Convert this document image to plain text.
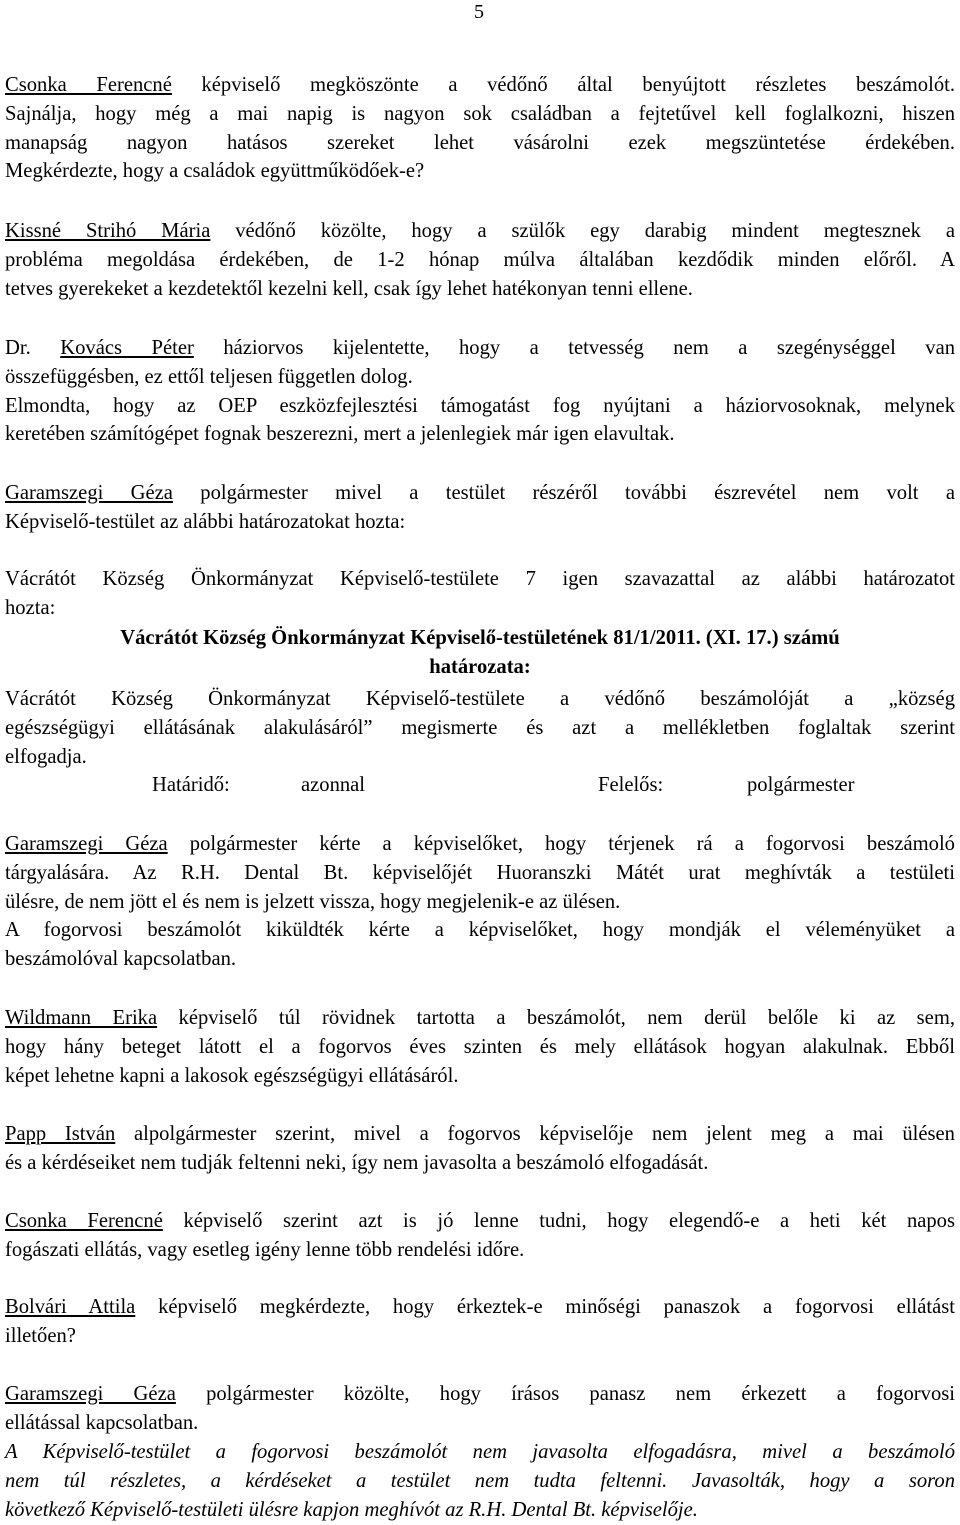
5
Csonka Ferencné képviselő megköszönte a védőnő által benyújtott részletes beszámolót.
Sajnálja, hogy még a mai napig is nagyon sok családban a fejtetűvel kell foglalkozni, hiszen
manapság nagyon hatásos szereket lehet vásárolni ezek megszüntetése érdekében.
Megkérdezte, hogy a családok együttműködőek-e?
Kissné Strihó Mária védőnő közölte, hogy a szülők egy darabig mindent megtesznek a
probléma megoldása érdekében, de 1-2 hónap múlva általában kezdődik minden előről. A
tetves gyerekeket a kezdetektől kezelni kell, csak így lehet hatékonyan tenni ellene.
Dr. Kovács Péter háziorvos kijelentette, hogy a tetvesség nem a szegénységgel van
összefüggésben, ez ettől teljesen független dolog.
Elmondta, hogy az OEP eszközfejlesztési támogatást fog nyújtani a háziorvosoknak, melynek
keretében számítógépet fognak beszerezni, mert a jelenlegiek már igen elavultak.
Garamszegi Géza polgármester mivel a testület részéről további észrevétel nem volt a
Képviselő-testület az alábbi határozatokat hozta:
Vácrátót Község Önkormányzat Képviselő-testülete 7 igen szavazattal az alábbi határozatot
hozta:
Vácrátót Község Önkormányzat Képviselő-testületének 81/1/2011. (XI. 17.) számú
határozata:
Vácrátót Község Önkormányzat Képviselő-testülete a védőnő beszámolóját a „község
egészségügyi ellátásának alakulásáról” megismerte és azt a mellékletben foglaltak szerint
elfogadja.
Határidő:	azonnal	Felelős:	polgármester
Garamszegi Géza polgármester kérte a képviselőket, hogy térjenek rá a fogorvosi beszámoló
tárgyalására. Az R.H. Dental Bt. képviselőjét Huoranszki Mátét urat meghívták a testületi
ülésre, de nem jött el és nem is jelzett vissza, hogy megjelenik-e az ülésen.
A fogorvosi beszámolót kiküldték kérte a képviselőket, hogy mondják el véleményüket a
beszámolóval kapcsolatban.
Wildmann Erika képviselő túl rövidnek tartotta a beszámolót, nem derül belőle ki az sem,
hogy hány beteget látott el a fogorvos éves szinten és mely ellátások hogyan alakulnak. Ebből
képet lehetne kapni a lakosok egészségügyi ellátásáról.
Papp István alpolgármester szerint, mivel a fogorvos képviselője nem jelent meg a mai ülésen
és a kérdéseiket nem tudják feltenni neki, így nem javasolta a beszámoló elfogadását.
Csonka Ferencné képviselő szerint azt is jó lenne tudni, hogy elegendő-e a heti két napos
fogászati ellátás, vagy esetleg igény lenne több rendelési időre.
Bolvári Attila képviselő megkérdezte, hogy érkeztek-e minőségi panaszok a fogorvosi ellátást
illetően?
Garamszegi Géza polgármester közölte, hogy írásos panasz nem érkezett a fogorvosi
ellátással kapcsolatban.
A Képviselő-testület a fogorvosi beszámolót nem javasolta elfogadásra, mivel a beszámoló
nem túl részletes, a kérdéseket a testület nem tudta feltenni. Javasolták, hogy a soron
következő Képviselő-testületi ülésre kapjon meghívót az R.H. Dental Bt. képviselője.
